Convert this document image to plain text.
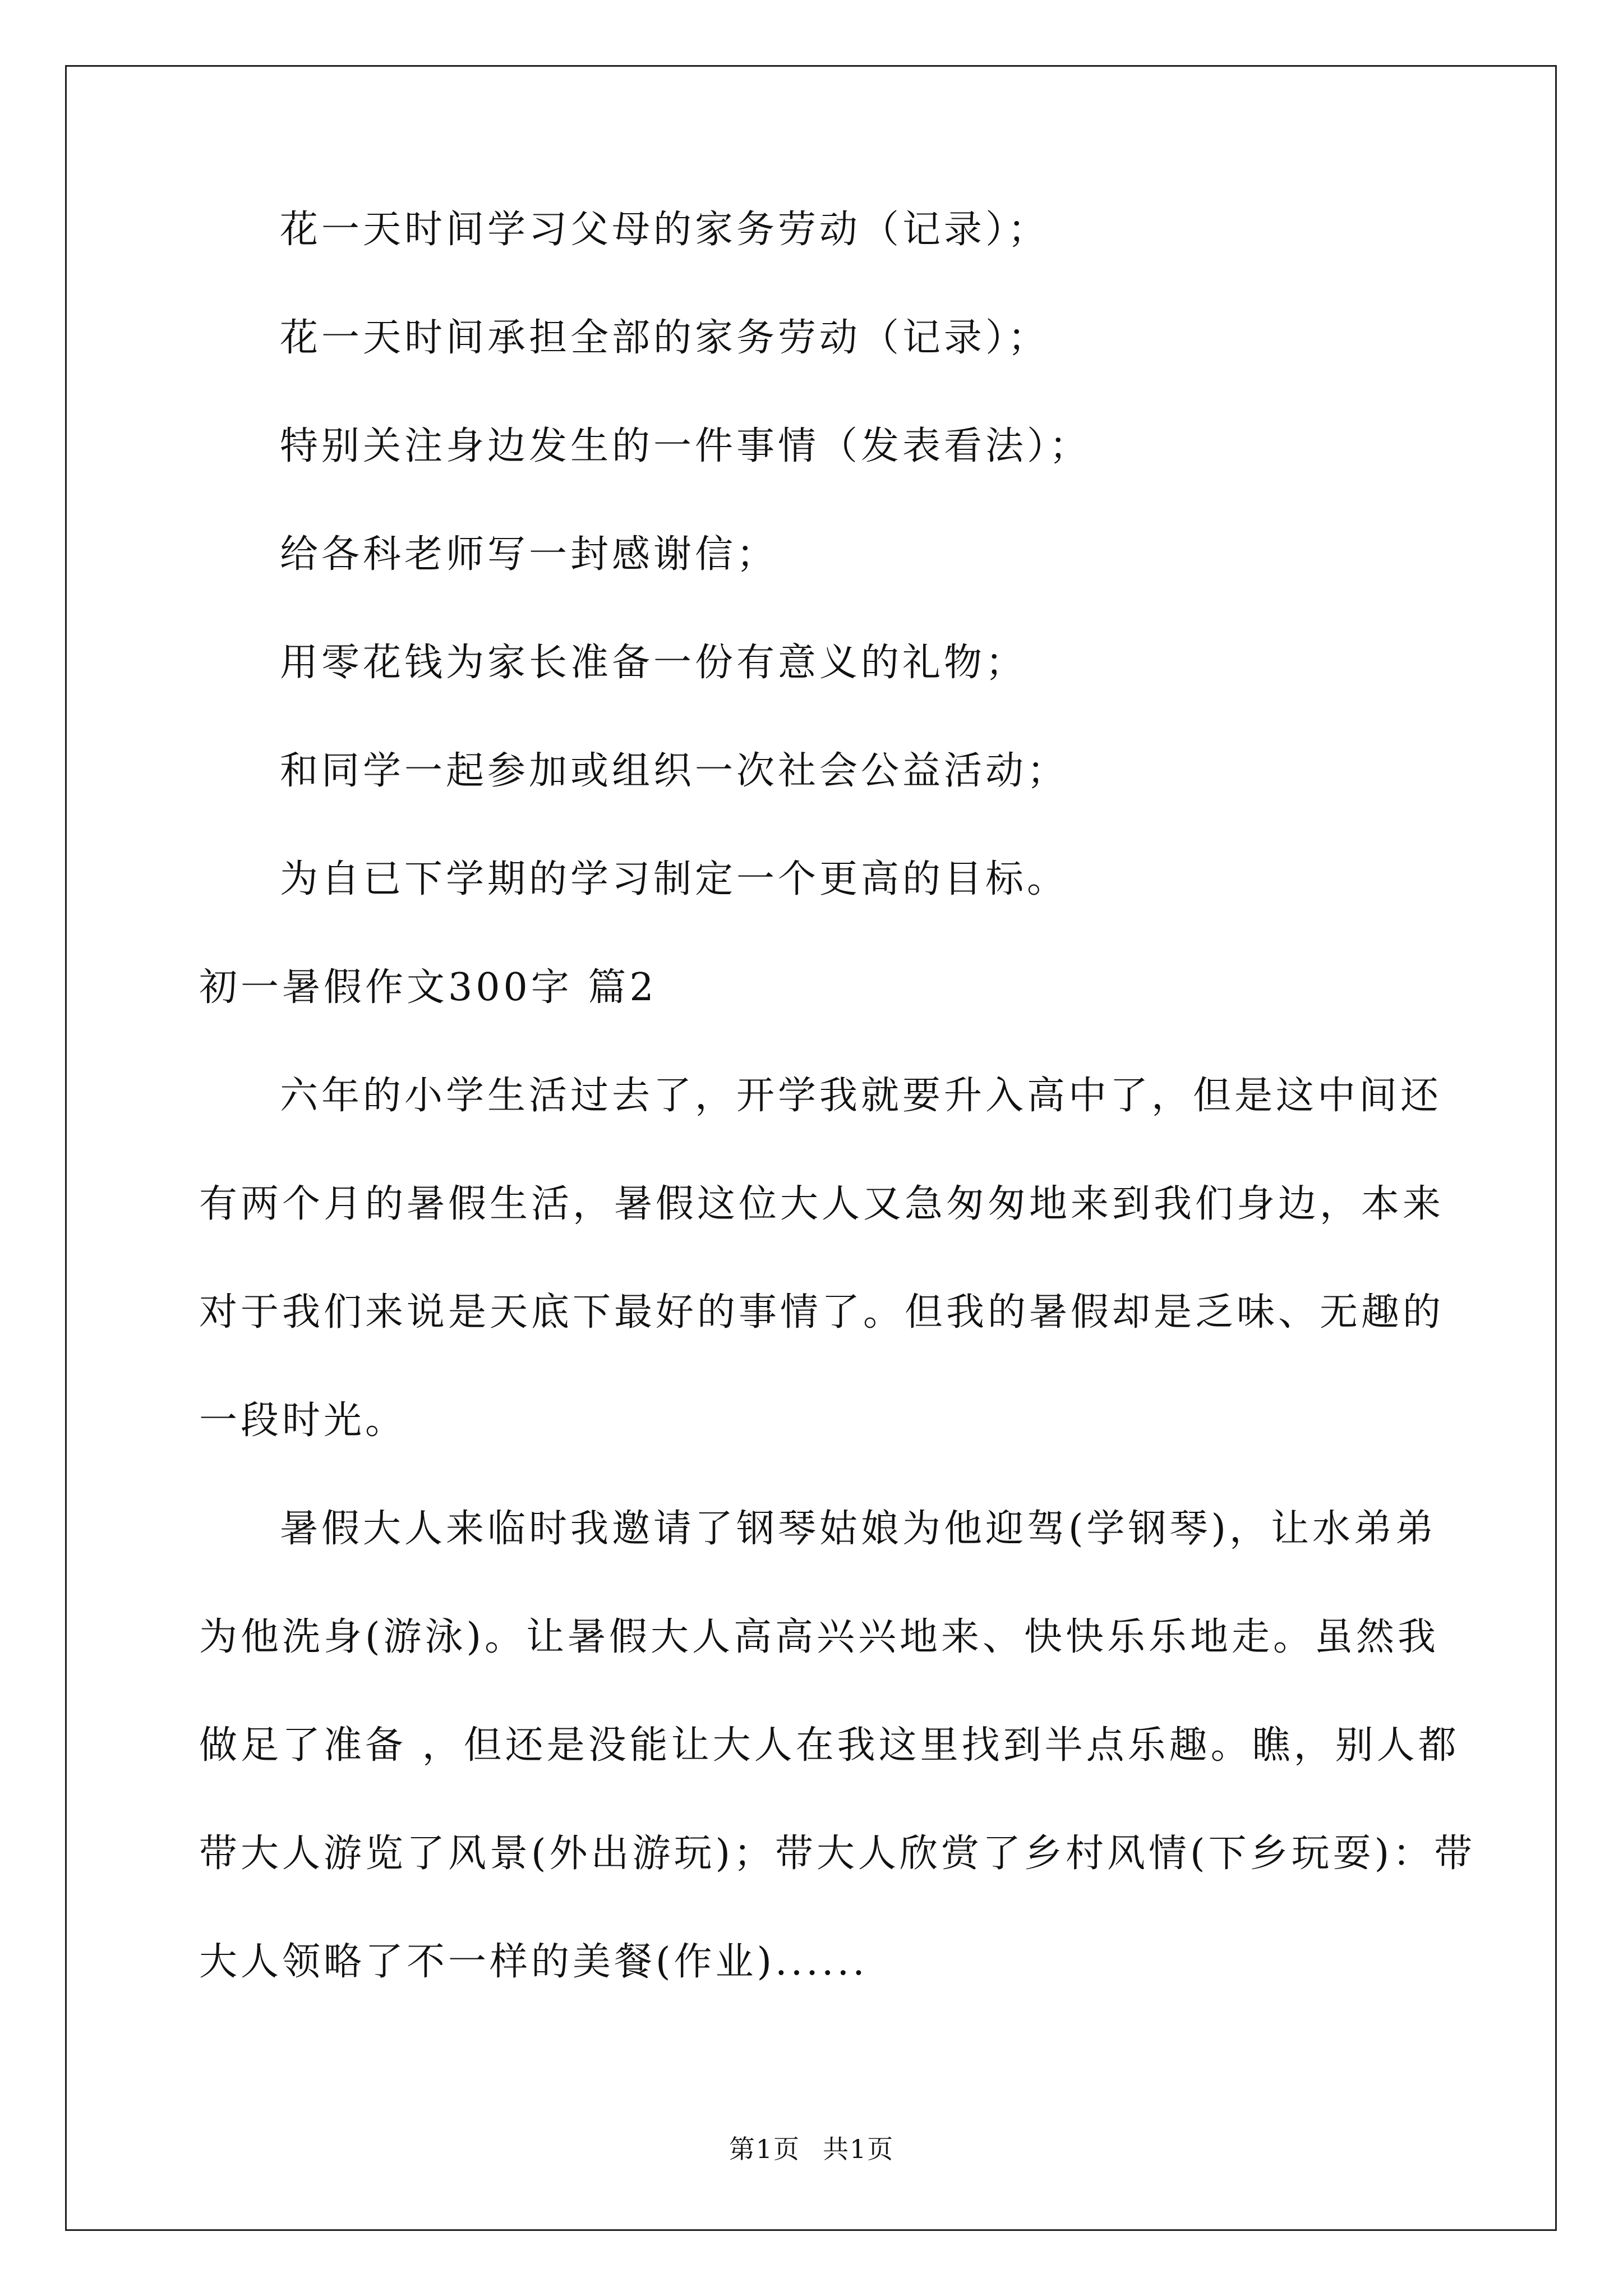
花一天时间学习父母的家务劳动（记录）；
花一天时间承担全部的家务劳动（记录）；
特别关注身边发生的一件事情（发表看法）；
给各科老师写一封感谢信；
用零花钱为家长准备一份有意义的礼物；
和同学一起参加或组织一次社会公益活动；
为自已下学期的学习制定一个更高的目标。
初一暑假作文300字 篇2
六年的小学生活过去了，开学我就要升入高中了，但是这中间还
有两个月的暑假生活，暑假这位大人又急匆匆地来到我们身边，本来
对于我们来说是天底下最好的事情了。但我的暑假却是乏味、无趣的
一段时光。
暑假大人来临时我邀请了钢琴姑娘为他迎驾(学钢琴)，让水弟弟
为他洗身(游泳)。让暑假大人高高兴兴地来、快快乐乐地走。虽然我
做足了准备 ，但还是没能让大人在我这里找到半点乐趣。瞧，别人都
带大人游览了风景(外出游玩)；带大人欣赏了乡村风情(下乡玩耍)：带
大人领略了不一样的美餐(作业)......
第1页 共1页
